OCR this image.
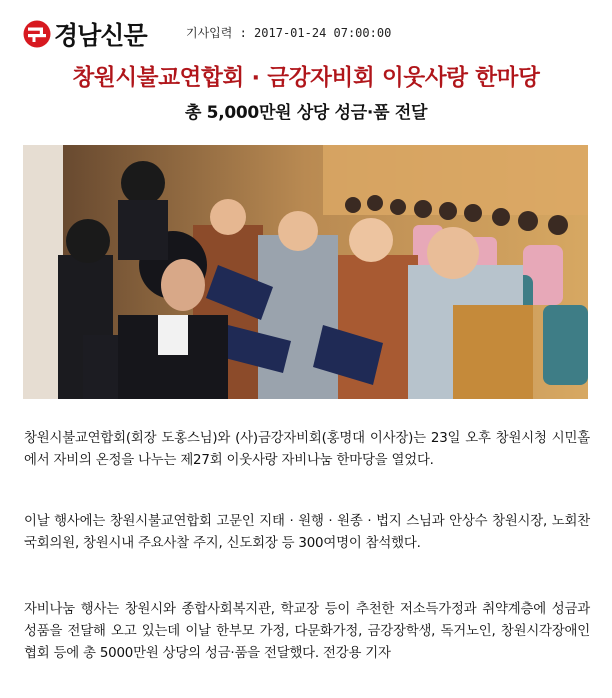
경남신문	기사입력 : 2017-01-24 07:00:00
창원시불교연합회 · 금강자비회 이웃사랑 한마당
총 5,000만원 상당 성금·품 전달
창원시불교연합회(회장 도홍스님)와 (사)금강자비회(홍명대 이사장)는 23일 오후 창원시청 시민홀에서 자비의 온정을 나누는 제27회 이웃사랑 자비나눔 한마당을 열었다.
이날 행사에는 창원시불교연합회 고문인 지태 · 원행 · 원종 · 법지 스님과 안상수 창원시장, 노회찬 국회의원, 창원시내 주요사찰 주지, 신도회장 등 300여명이 참석했다.
자비나눔 행사는 창원시와 종합사회복지관, 학교장 등이 추천한 저소득가정과 취약계층에 성금과 성품을 전달해 오고 있는데 이날 한부모 가정, 다문화가정, 금강장학생, 독거노인, 창원시각장애인협회 등에 총 5000만원 상당의 성금·품을 전달했다. 전강용 기자
